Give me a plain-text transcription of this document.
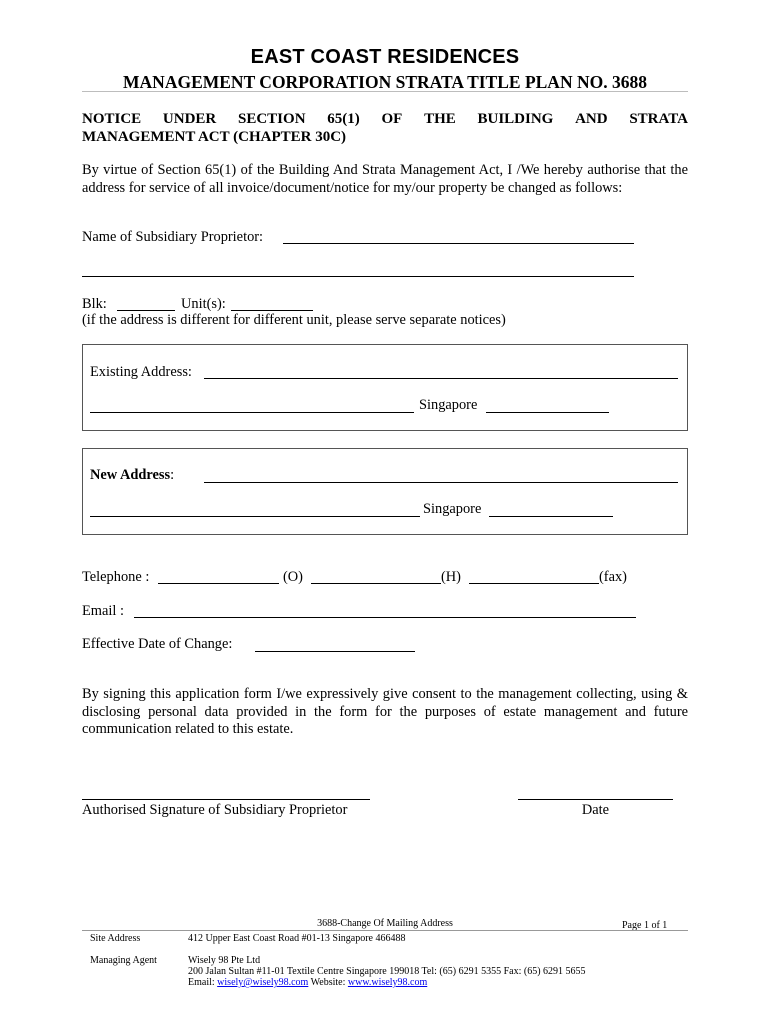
EAST COAST RESIDENCES
MANAGEMENT CORPORATION STRATA TITLE PLAN NO. 3688
NOTICE UNDER SECTION 65(1) OF THE BUILDING AND STRATA
MANAGEMENT ACT (CHAPTER 30C)
By virtue of Section 65(1) of the Building And Strata Management Act, I /We hereby authorise that the address for service of all invoice/document/notice for my/our property be changed as follows:
Name of Subsidiary Proprietor:
Blk:	Unit(s):
(if the address is different for different unit, please serve separate notices)
Existing Address:
Singapore
New Address:
Singapore
Telephone :	(O)	(H)	(fax)
Email :
Effective Date of Change:
By signing this application form I/we expressively give consent to the management collecting, using & disclosing personal data provided in the form for the purposes of estate management and future communication related to this estate.
Authorised Signature of Subsidiary Proprietor	Date
3688-Change Of Mailing Address	Page 1 of 1
Site Address	412 Upper East Coast Road #01-13 Singapore 466488
Managing Agent	Wisely 98 Pte Ltd
200 Jalan Sultan #11-01 Textile Centre Singapore 199018 Tel: (65) 6291 5355 Fax: (65) 6291 5655
Email: wisely@wisely98.com Website: www.wisely98.com
